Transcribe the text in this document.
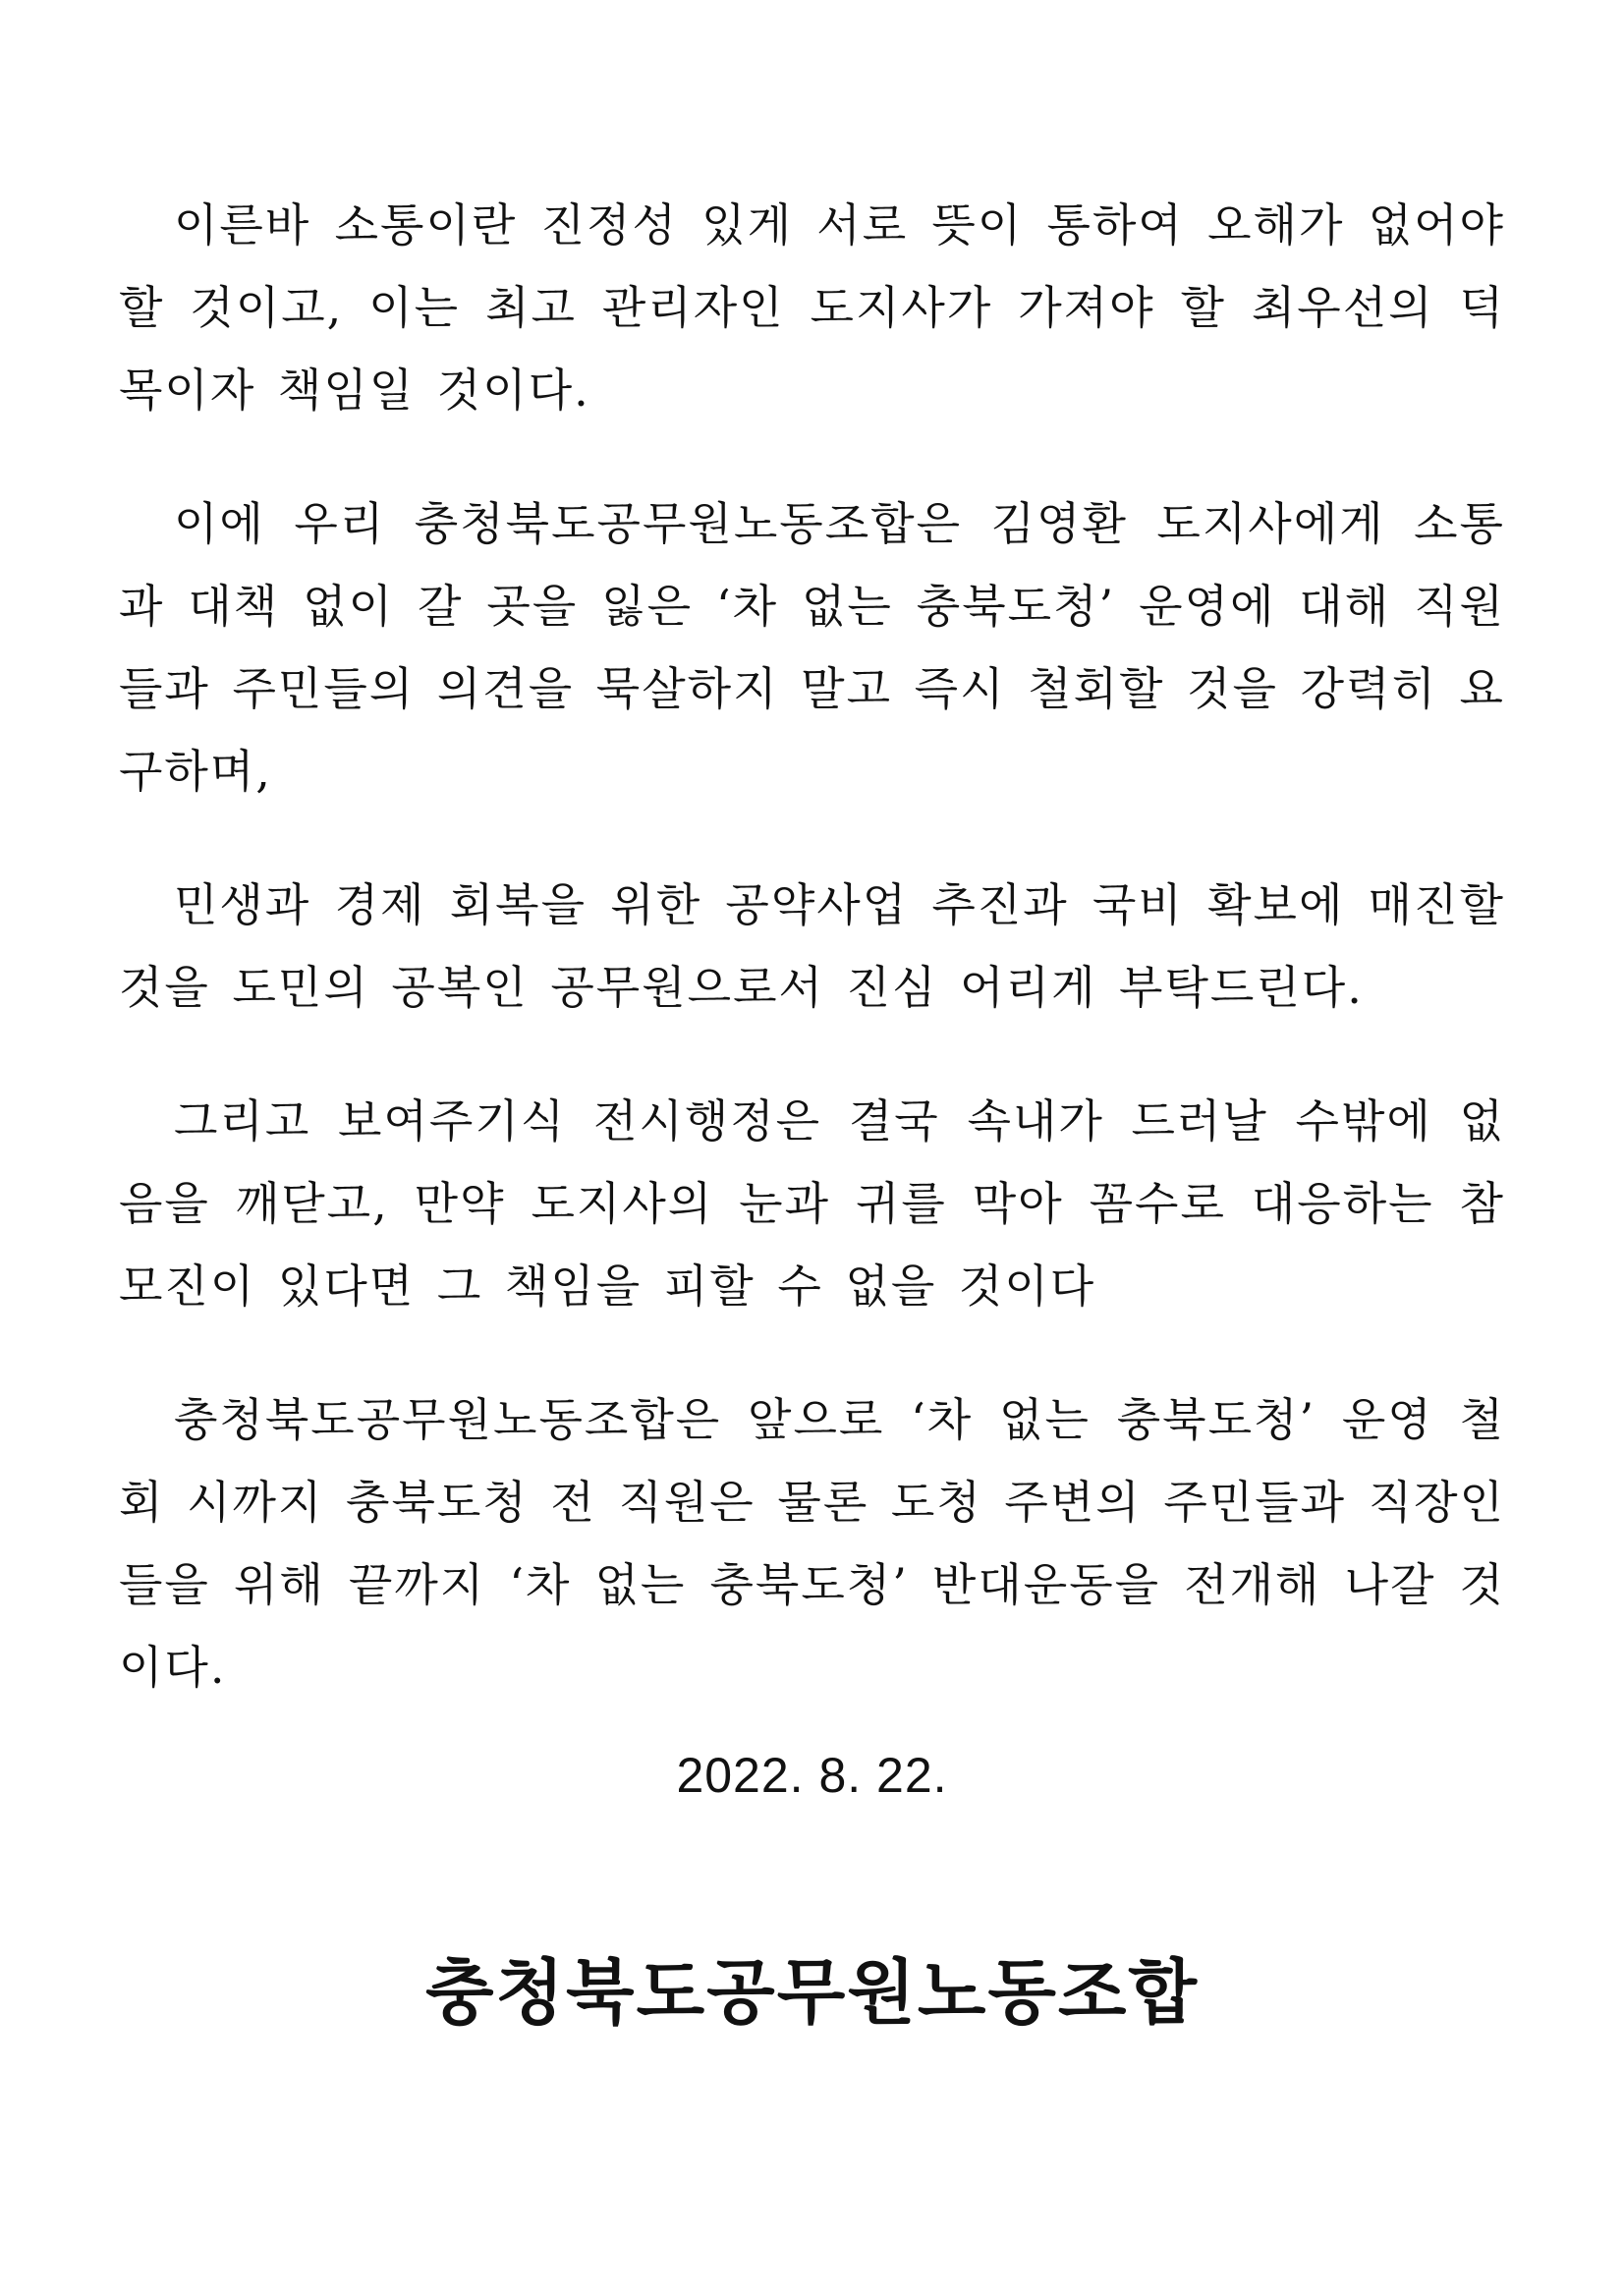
이른바 소통이란 진정성 있게 서로 뜻이 통하여 오해가 없어야 할 것이고, 이는 최고 관리자인 도지사가 가져야 할 최우선의 덕목이자 책임일 것이다.

이에 우리 충청북도공무원노동조합은 김영환 도지사에게 소통과 대책 없이 갈 곳을 잃은 ‘차 없는 충북도청’ 운영에 대해 직원들과 주민들의 의견을 묵살하지 말고 즉시 철회할 것을 강력히 요구하며,

민생과 경제 회복을 위한 공약사업 추진과 국비 확보에 매진할 것을 도민의 공복인 공무원으로서 진심 어리게 부탁드린다.

그리고 보여주기식 전시행정은 결국 속내가 드러날 수밖에 없음을 깨닫고, 만약 도지사의 눈과 귀를 막아 꼼수로 대응하는 참모진이 있다면 그 책임을 피할 수 없을 것이다

충청북도공무원노동조합은 앞으로 ‘차 없는 충북도청’ 운영 철회 시까지 충북도청 전 직원은 물론 도청 주변의 주민들과 직장인들을 위해 끝까지 ‘차 없는 충북도청’ 반대운동을 전개해 나갈 것이다.

2022. 8. 22.
충청북도공무원노동조합
